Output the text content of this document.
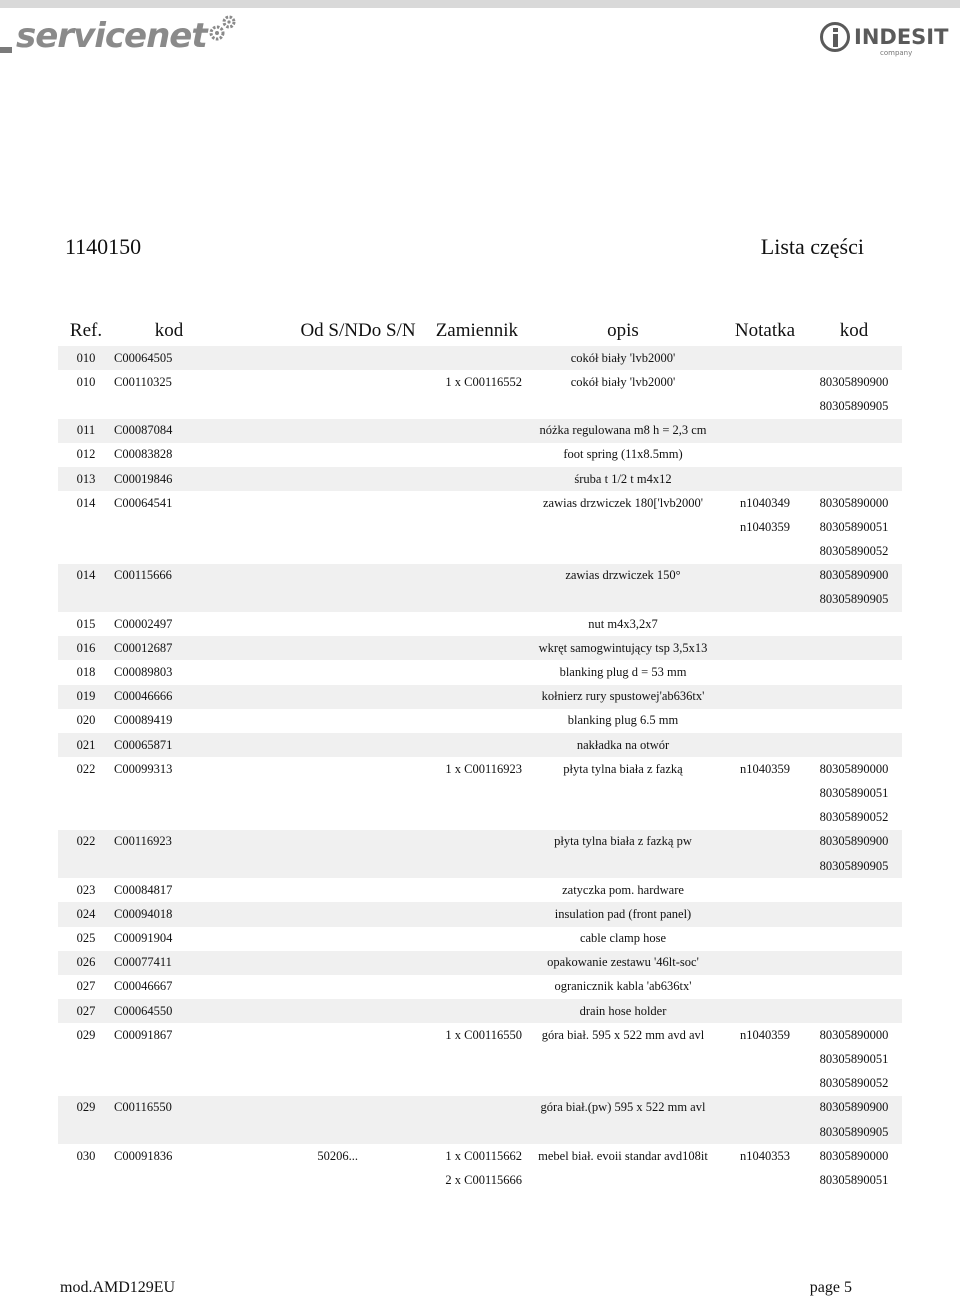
servicenet	INDESIT
company
1140150	Lista części
Ref.	kod	Od S/N	Do S/N	Zamiennik	opis	Notatka	kod
010	C00064505				cokół biały 'lvb2000'		
010	C00110325			1 x C00116552	cokół biały 'lvb2000'		80305890900
							80305890905
011	C00087084				nóżka regulowana m8 h = 2,3 cm		
012	C00083828				foot spring (11x8.5mm)		
013	C00019846				śruba t 1/2 t m4x12		
014	C00064541				zawias drzwiczek 180['lvb2000'	n1040349	80305890000
						n1040359	80305890051
							80305890052
014	C00115666				zawias drzwiczek 150°		80305890900
							80305890905
015	C00002497				nut m4x3,2x7		
016	C00012687				wkręt samogwintujący tsp 3,5x13		
018	C00089803				blanking plug d = 53 mm		
019	C00046666				kołnierz rury spustowej'ab636tx'		
020	C00089419				blanking plug 6.5 mm		
021	C00065871				nakładka na otwór		
022	C00099313			1 x C00116923	płyta tylna biała z fazką	n1040359	80305890000
							80305890051
							80305890052
022	C00116923				płyta tylna biała z fazką pw		80305890900
							80305890905
023	C00084817				zatyczka pom. hardware		
024	C00094018				insulation pad (front panel)		
025	C00091904				cable clamp hose		
026	C00077411				opakowanie zestawu '46lt-soc'		
027	C00046667				ogranicznik kabla 'ab636tx'		
027	C00064550				drain hose holder		
029	C00091867			1 x C00116550	góra biał. 595 x 522 mm avd avl	n1040359	80305890000
							80305890051
							80305890052
029	C00116550				góra biał.(pw) 595 x 522 mm avl		80305890900
							80305890905
030	C00091836	50206...		1 x C00115662	mebel biał. evoii standar avd108it	n1040353	80305890000
				2 x C00115666			80305890051
mod.AMD129EU	page 5
